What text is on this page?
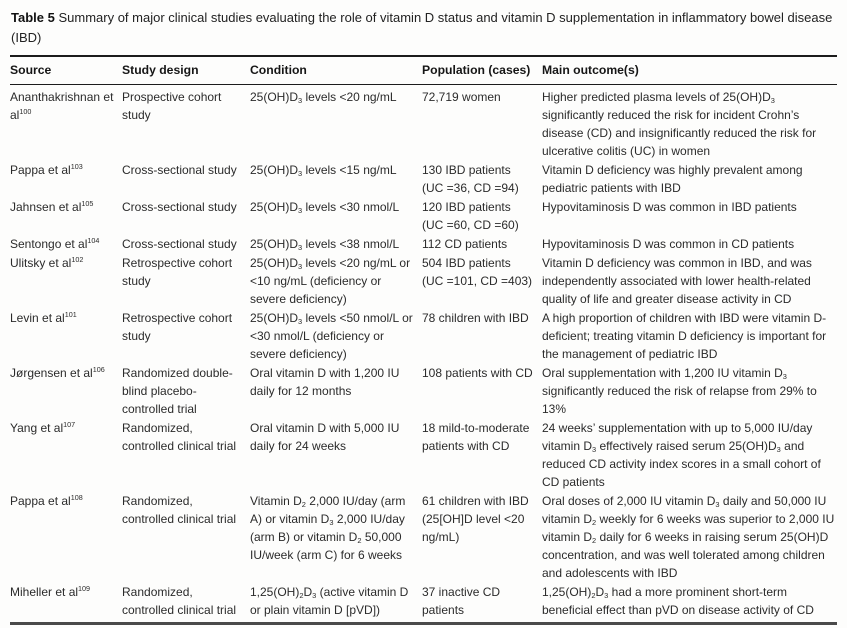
Table 5 Summary of major clinical studies evaluating the role of vitamin D status and vitamin D supplementation in inflammatory bowel disease (IBD)
Source	Study design	Condition	Population (cases)	Main outcome(s)
Ananthakrishnan et $al^{100}$	Prospective cohort study	$25(OH)D_3$ levels <20 ng/mL	72,719 women	Higher predicted plasma levels of $25(OH)D_3$ significantly reduced the risk for incident Crohn’s disease (CD) and insignificantly reduced the risk for ulcerative colitis (UC) in women
Pappa et $al^{103}$	Cross-sectional study	$25(OH)D_3$ levels <15 ng/mL	130 IBD patients (UC =36, CD =94)	Vitamin D deficiency was highly prevalent among pediatric patients with IBD
Jahnsen et $al^{105}$	Cross-sectional study	$25(OH)D_3$ levels <30 nmol/L	120 IBD patients (UC =60, CD =60)	Hypovitaminosis D was common in IBD patients
Sentongo et $al^{104}$	Cross-sectional study	$25(OH)D_3$ levels <38 nmol/L	112 CD patients	Hypovitaminosis D was common in CD patients
Ulitsky et $al^{102}$	Retrospective cohort study	$25(OH)D_3$ levels <20 ng/mL or <10 ng/mL (deficiency or severe deficiency)	504 IBD patients (UC =101, CD =403)	Vitamin D deficiency was common in IBD, and was independently associated with lower health-related quality of life and greater disease activity in CD
Levin et $al^{101}$	Retrospective cohort study	$25(OH)D_3$ levels <50 nmol/L or <30 nmol/L (deficiency or severe deficiency)	78 children with IBD	A high proportion of children with IBD were vitamin D-deficient; treating vitamin D deficiency is important for the management of pediatric IBD
Jørgensen et $al^{106}$	Randomized double-blind placebo-controlled trial	Oral vitamin D with 1,200 IU daily for 12 months	108 patients with CD	Oral supplementation with 1,200 IU vitamin $D_3$ significantly reduced the risk of relapse from 29% to 13%
Yang et $al^{107}$	Randomized, controlled clinical trial	Oral vitamin D with 5,000 IU daily for 24 weeks	18 mild-to-moderate patients with CD	24 weeks’ supplementation with up to 5,000 IU/day vitamin $D_3$ effectively raised serum $25(OH)D_3$ and reduced CD activity index scores in a small cohort of CD patients
Pappa et $al^{108}$	Randomized, controlled clinical trial	Vitamin $D_2$ 2,000 IU/day (arm A) or vitamin $D_3$ 2,000 IU/day (arm B) or vitamin $D_2$ 50,000 IU/week (arm C) for 6 weeks	61 children with IBD (25[OH]D level <20 ng/mL)	Oral doses of 2,000 IU vitamin $D_3$ daily and 50,000 IU vitamin $D_2$ weekly for 6 weeks was superior to 2,000 IU vitamin $D_2$ daily for 6 weeks in raising serum 25(OH)D concentration, and was well tolerated among children and adolescents with IBD
Miheller et $al^{109}$	Randomized, controlled clinical trial	$1,25(OH)_2D_3$ (active vitamin D or plain vitamin D [pVD])	37 inactive CD patients	$1,25(OH)_2D_3$ had a more prominent short-term beneficial effect than pVD on disease activity of CD
